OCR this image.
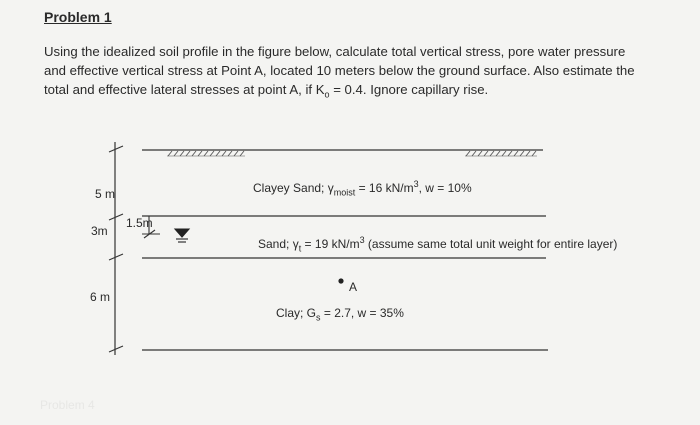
Problem 1
Using the idealized soil profile in the figure below, calculate total vertical stress, pore water pressure
and effective vertical stress at Point A, located 10 meters below the ground surface. Also estimate the
total and effective lateral stresses at point A, if $K_o = 0.4$. Ignore capillary rise.
Clayey Sand; $\gamma_{moist} = 16$ $kN/m^3$, w = 10%
Sand; $\gamma_t = 19$ $kN/m^3$ (assume same total unit weight for entire layer)
A
Clay; $G_s = 2.7$, w = 35%
5 m
3m
1.5m
6 m
Problem 4
